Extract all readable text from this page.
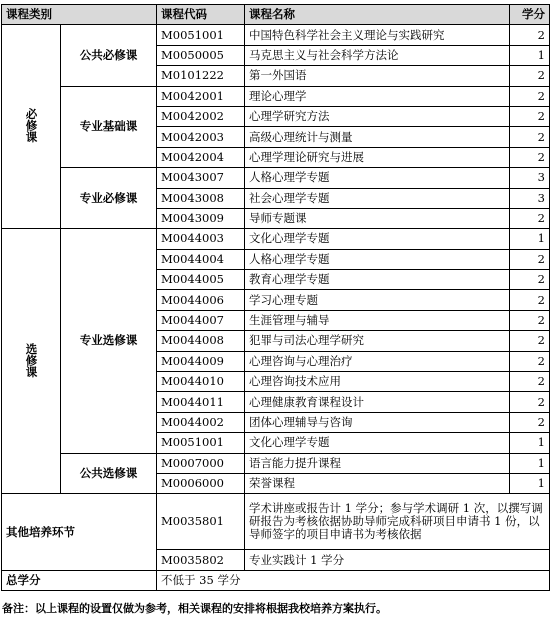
课程类别		课程代码	课程名称	学分
必修课	公共必修课	M0051001	中国特色科学社会主义理论与实践研究	2
		M0050005	马克思主义与社会科学方法论	1
		M0101222	第一外国语	2
	专业基础课	M0042001	理论心理学	2
		M0042002	心理学研究方法	2
		M0042003	高级心理统计与测量	2
		M0042004	心理学理论研究与进展	2
	专业必修课	M0043007	人格心理学专题	3
		M0043008	社会心理学专题	3
		M0043009	导师专题课	2
选修课	专业选修课	M0044003	文化心理学专题	1
		M0044004	人格心理学专题	2
		M0044005	教育心理学专题	2
		M0044006	学习心理专题	2
		M0044007	生涯管理与辅导	2
		M0044008	犯罪与司法心理学研究	2
		M0044009	心理咨询与心理治疗	2
		M0044010	心理咨询技术应用	2
		M0044011	心理健康教育课程设计	2
		M0044002	团体心理辅导与咨询	2
		M0051001	文化心理学专题	1
	公共选修课	M0007000	语言能力提升课程	1
		M0006000	荣誉课程	1
其他培养环节		M0035801	学术讲座或报告计 1 学分；参与学术调研 1 次，以撰写调研报告为考核依据协助导师完成科研项目申请书 1 份，以导师签字的项目申请书为考核依据	
		M0035802	专业实践计 1 学分	
总学分		不低于 35 学分		
备注：以上课程的设置仅做为参考，相关课程的安排将根据我校培养方案执行。
